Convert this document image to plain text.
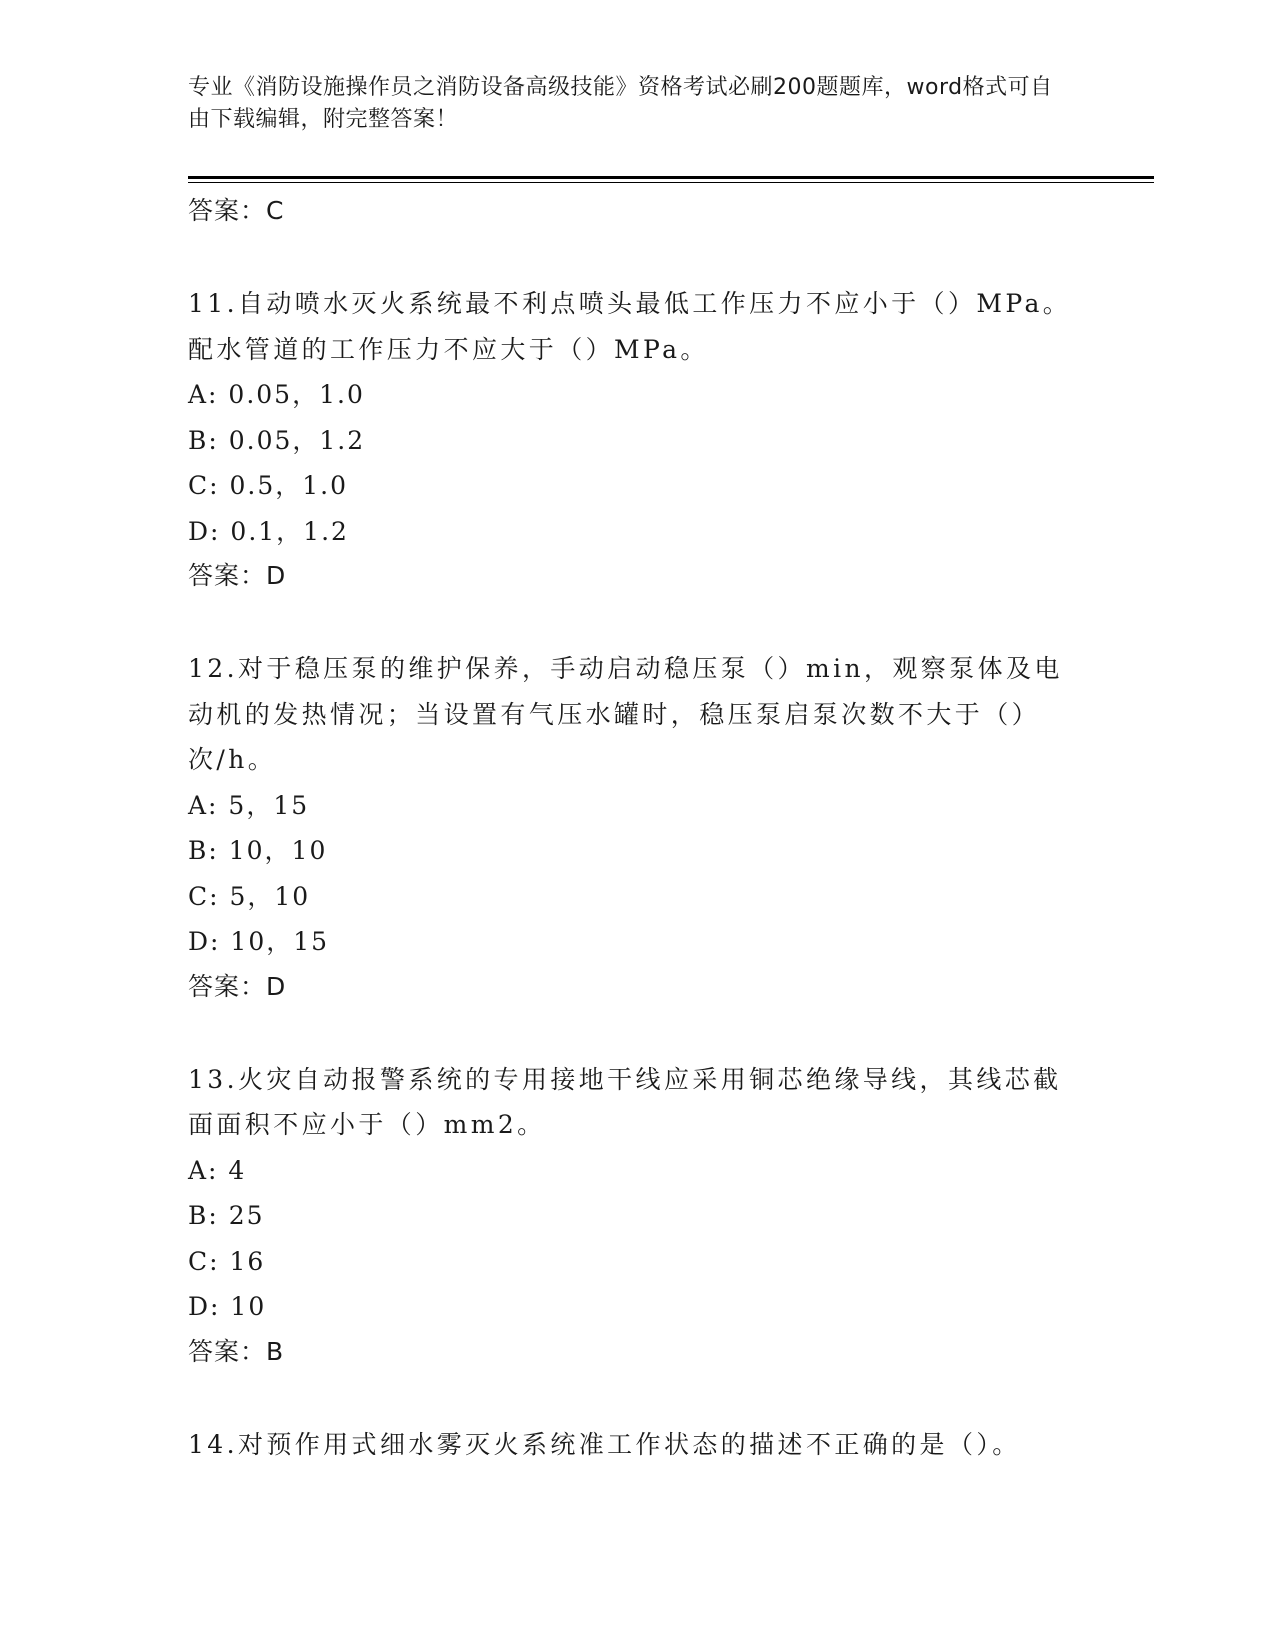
专业《消防设施操作员之消防设备高级技能》资格考试必刷200题题库，word格式可自由下载编辑，附完整答案！
答案：C
11.自动喷水灭火系统最不利点喷头最低工作压力不应小于（）MPa。配水管道的工作压力不应大于（）MPa。
A: 0.05，1.0
B: 0.05，1.2
C: 0.5，1.0
D: 0.1，1.2
答案：D
12.对于稳压泵的维护保养，手动启动稳压泵（）min，观察泵体及电动机的发热情况；当设置有气压水罐时，稳压泵启泵次数不大于（）次/h。
A: 5，15
B: 10，10
C: 5，10
D: 10，15
答案：D
13.火灾自动报警系统的专用接地干线应采用铜芯绝缘导线，其线芯截面面积不应小于（）mm2。
A: 4
B: 25
C: 16
D: 10
答案：B
14.对预作用式细水雾灭火系统准工作状态的描述不正确的是（）。
